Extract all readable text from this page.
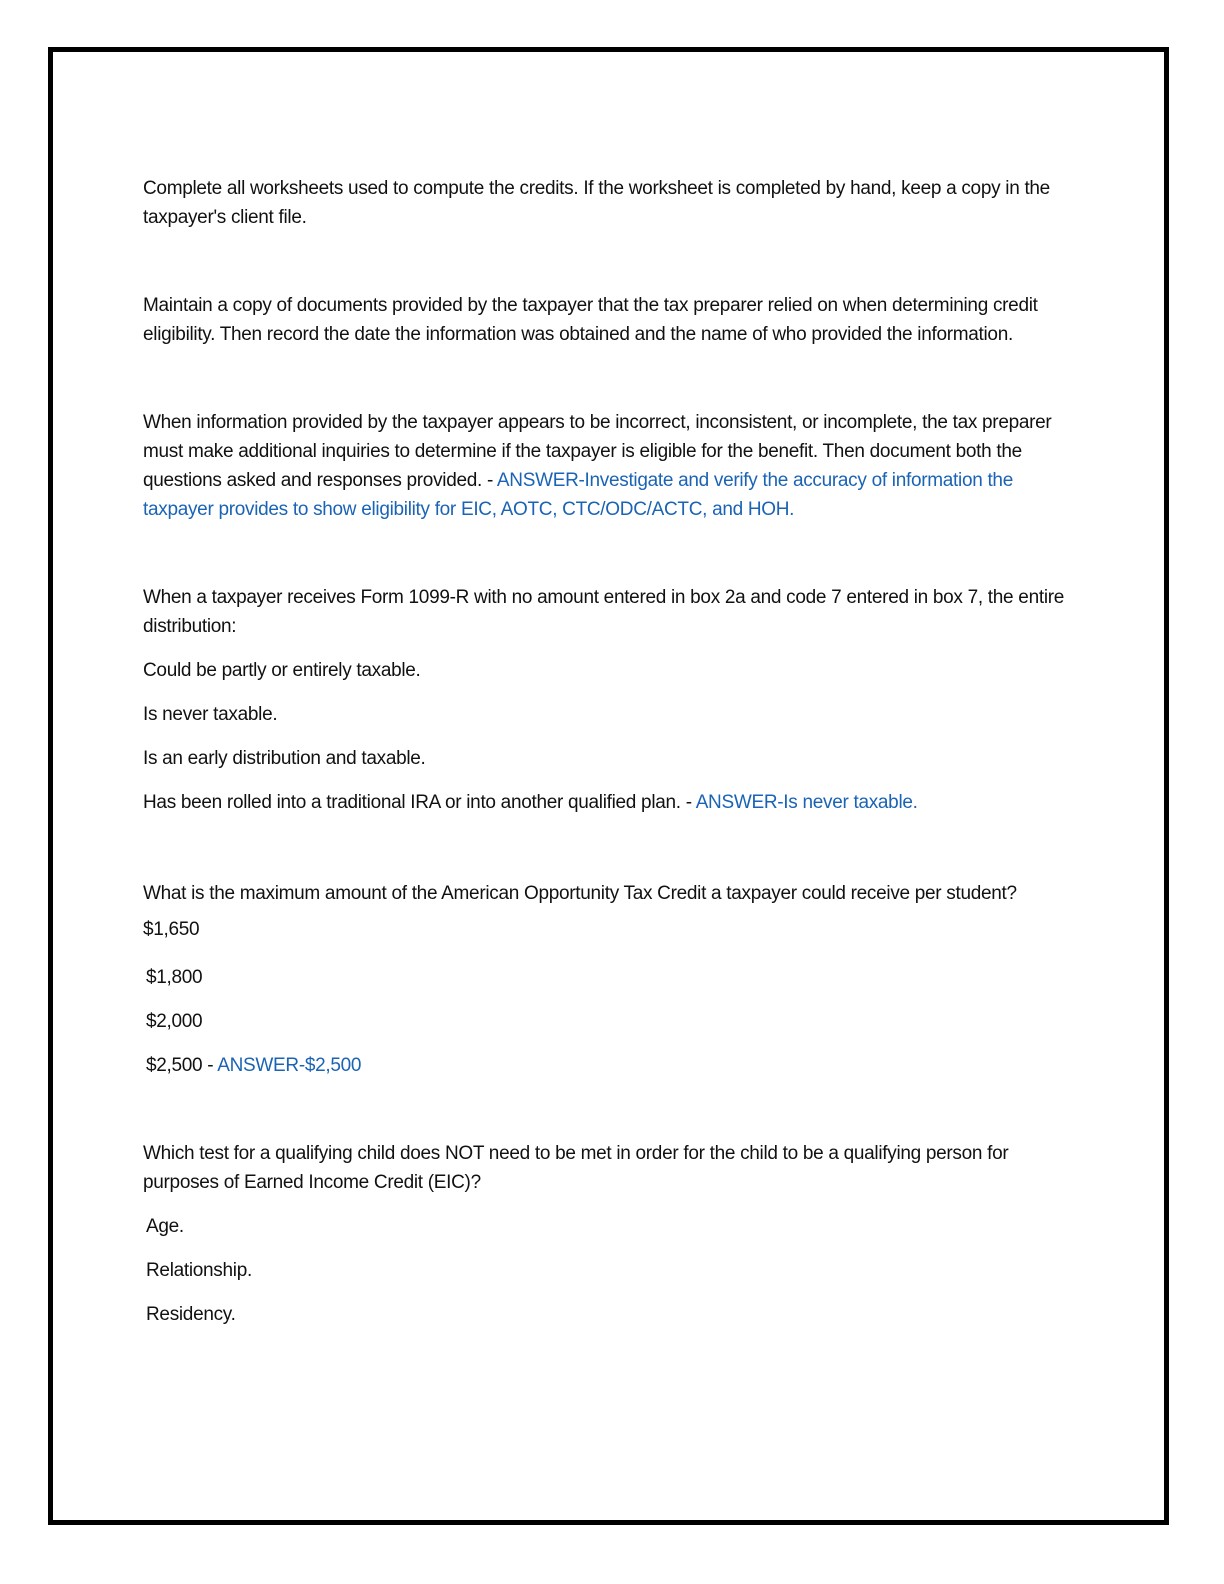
Complete all worksheets used to compute the credits. If the worksheet is completed by hand, keep a copy in the taxpayer's client file.

Maintain a copy of documents provided by the taxpayer that the tax preparer relied on when determining credit eligibility. Then record the date the information was obtained and the name of who provided the information.

When information provided by the taxpayer appears to be incorrect, inconsistent, or incomplete, the tax preparer must make additional inquiries to determine if the taxpayer is eligible for the benefit. Then document both the questions asked and responses provided. - ANSWER-Investigate and verify the accuracy of information the taxpayer provides to show eligibility for EIC, AOTC, CTC/ODC/ACTC, and HOH.

When a taxpayer receives Form 1099-R with no amount entered in box 2a and code 7 entered in box 7, the entire distribution:

Could be partly or entirely taxable.

Is never taxable.

Is an early distribution and taxable.

Has been rolled into a traditional IRA or into another qualified plan. - ANSWER-Is never taxable.

What is the maximum amount of the American Opportunity Tax Credit a taxpayer could receive per student? $1,650

$1,800

$2,000

$2,500 - ANSWER-$2,500

Which test for a qualifying child does NOT need to be met in order for the child to be a qualifying person for purposes of Earned Income Credit (EIC)?

Age.

Relationship.

Residency.
